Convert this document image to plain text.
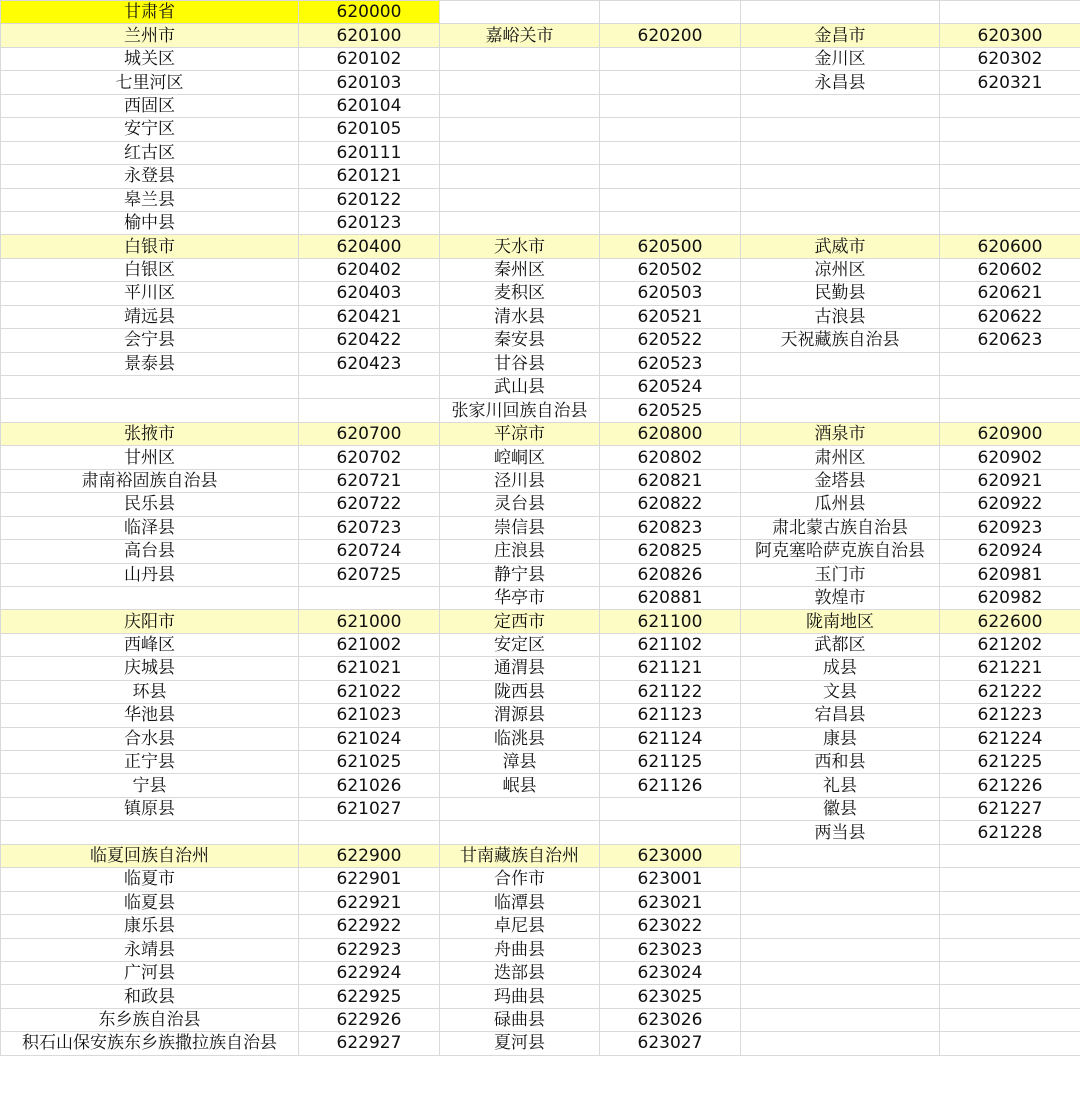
甘肃省	620000				
兰州市	620100	嘉峪关市	620200	金昌市	620300
城关区	620102			金川区	620302
七里河区	620103			永昌县	620321
西固区	620104				
安宁区	620105				
红古区	620111				
永登县	620121				
皋兰县	620122				
榆中县	620123				
白银市	620400	天水市	620500	武威市	620600
白银区	620402	秦州区	620502	凉州区	620602
平川区	620403	麦积区	620503	民勤县	620621
靖远县	620421	清水县	620521	古浪县	620622
会宁县	620422	秦安县	620522	天祝藏族自治县	620623
景泰县	620423	甘谷县	620523		
		武山县	620524		
		张家川回族自治县	620525		
张掖市	620700	平凉市	620800	酒泉市	620900
甘州区	620702	崆峒区	620802	肃州区	620902
肃南裕固族自治县	620721	泾川县	620821	金塔县	620921
民乐县	620722	灵台县	620822	瓜州县	620922
临泽县	620723	崇信县	620823	肃北蒙古族自治县	620923
高台县	620724	庄浪县	620825	阿克塞哈萨克族自治县	620924
山丹县	620725	静宁县	620826	玉门市	620981
		华亭市	620881	敦煌市	620982
庆阳市	621000	定西市	621100	陇南地区	622600
西峰区	621002	安定区	621102	武都区	621202
庆城县	621021	通渭县	621121	成县	621221
环县	621022	陇西县	621122	文县	621222
华池县	621023	渭源县	621123	宕昌县	621223
合水县	621024	临洮县	621124	康县	621224
正宁县	621025	漳县	621125	西和县	621225
宁县	621026	岷县	621126	礼县	621226
镇原县	621027			徽县	621227
				两当县	621228
临夏回族自治州	622900	甘南藏族自治州	623000		
临夏市	622901	合作市	623001		
临夏县	622921	临潭县	623021		
康乐县	622922	卓尼县	623022		
永靖县	622923	舟曲县	623023		
广河县	622924	迭部县	623024		
和政县	622925	玛曲县	623025		
东乡族自治县	622926	碌曲县	623026		
积石山保安族东乡族撒拉族自治县	622927	夏河县	623027		
